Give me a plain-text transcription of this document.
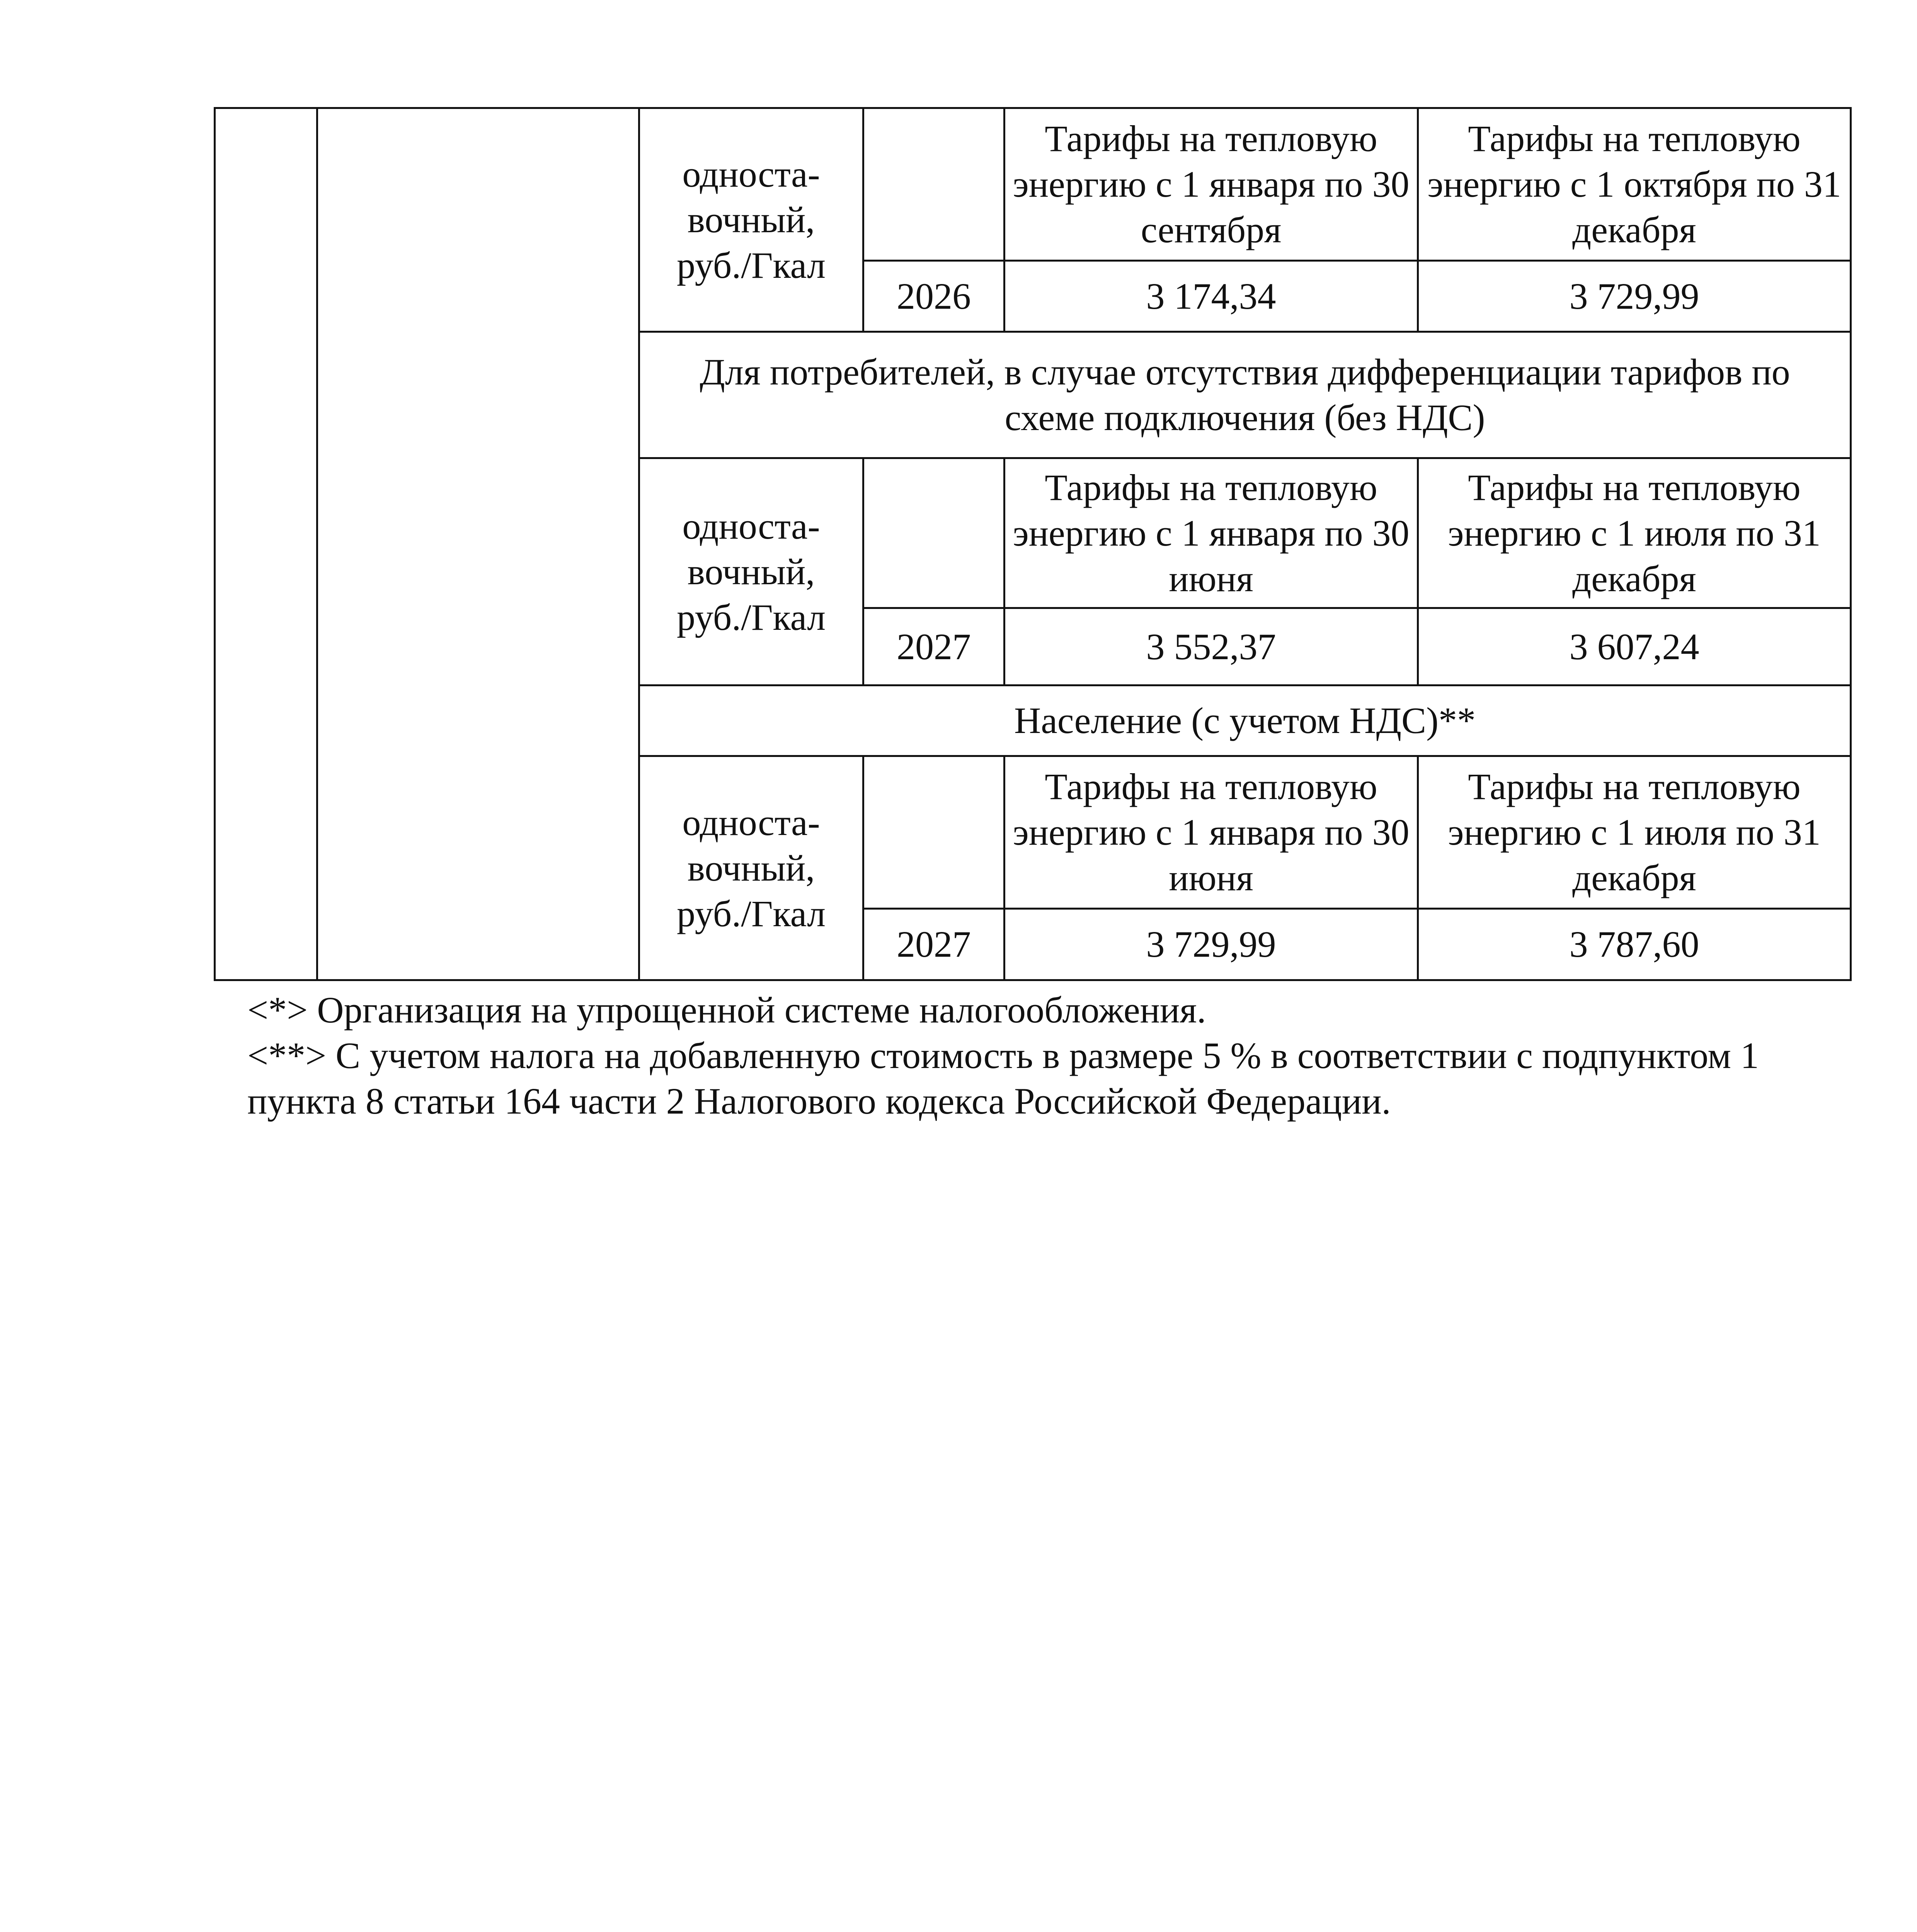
		односта-
вочный,
руб./Гкал		Тарифы на тепловую энергию с 1 января по 30 сентября	Тарифы на тепловую энергию с 1 октября по 31 декабря
			2026	3 174,34	3 729,99
		Для потребителей, в случае отсутствия дифференциации тарифов по схеме подключения (без НДС)			
		односта-
вочный,
руб./Гкал		Тарифы на тепловую энергию с 1 января по 30 июня	Тарифы на тепловую энергию с 1 июля по 31 декабря
			2027	3 552,37	3 607,24
		Население (с учетом НДС)**			
		односта-
вочный,
руб./Гкал		Тарифы на тепловую энергию с 1 января по 30 июня	Тарифы на тепловую энергию с 1 июля по 31 декабря
			2027	3 729,99	3 787,60

<*> Организация на упрощенной системе налогообложения.

<**> С учетом налога на добавленную стоимость в размере 5 % в соответствии с подпунктом 1 пункта 8 статьи 164 части 2 Налогового кодекса Российской Федерации.
